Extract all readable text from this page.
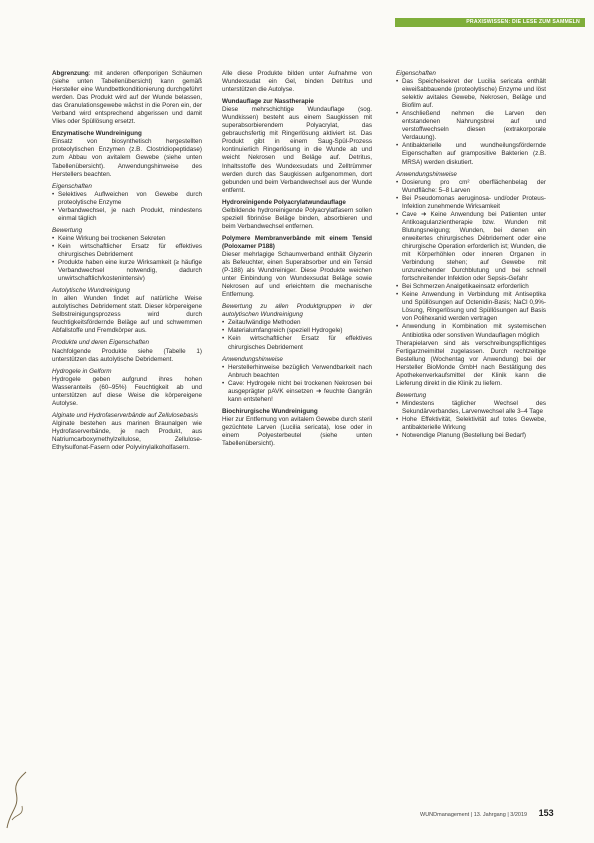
PRAXISWISSEN: DIE LESE ZUM SAMMELN

Abgrenzung: mit anderen offenporigen Schäumen (siehe unten Tabellenübersicht) kann gemäß Hersteller eine Wundbettkonditionierung durchgeführt werden. Das Produkt wird auf der Wunde belassen, das Granulationsgewebe wächst in die Poren ein, der Verband wird entsprechend abgerissen und damit Vlies oder Spüllösung ersetzt.

Enzymatische Wundreinigung

Einsatz von biosynthetisch hergestellten proteolytischen Enzymen (z.B. Clostridiopeptidase) zum Abbau von avitalem Gewebe (siehe unten Tabellenübersicht). Anwendungshinweise des Herstellers beachten.

Eigenschaften
• Selektives Auflweichen von Gewebe durch proteolytische Enzyme
• Verbandwechsel, je nach Produkt, mindestens einmal täglich
Bewertung
• Keine Wirkung bei trockenen Sekreten
• Kein wirtschaftlicher Ersatz für effektives chirurgisches Debridement
• Produkte haben eine kurze Wirksamkeit (≥ häufige Verbandwechsel notwendig, dadurch unwirtschaftlich/kostenintensiv)
Autolytische Wundreinigung

In allen Wunden findet auf natürliche Weise autolytisches Debridement statt. Dieser körpereigene Selbstreinigungsprozess wird durch feuchtigkeitsfördernde Beläge auf und schwemmen Abfallstoffe und Fremdkörper aus.

Produkte und deren Eigenschaften

Nachfolgende Produkte siehe (Tabelle 1) unterstützen das autolytische Debridement.

Hydrogele in Gelform

Hydrogele geben aufgrund ihres hohen Wasseranteils (60–95%) Feuchtigkeit ab und unterstützen auf diese Weise die körpereigene Autolyse.

Alginate und Hydrofaserverbände auf Zellulosebasis

Alginate bestehen aus marinen Braunalgen wie Hydrofaserverbände, je nach Produkt, aus Natriumcarboxymethylzellulose, Zellulose-Ethylsulfonat-Fasern oder Polyvinylalkoholfasern.

Alle diese Produkte bilden unter Aufnahme von Wundexsudat ein Gel, binden Detritus und unterstützen die Autolyse.

Wundauflage zur Nasstherapie

Diese mehrschichtige Wundauflage (sog. Wundkissen) besteht aus einem Saugkissen mit superabsorbierendem Polyacrylat, das gebrauchsfertig mit Ringerlösung aktiviert ist. Das Produkt gibt in einem Saug-Spül-Prozess kontinuierlich Ringerlösung in die Wunde ab und weicht Nekrosen und Beläge auf. Detritus, Inhaltsstoffe des Wundexsudats und Zelltrümmer werden durch das Saugkissen aufgenommen, dort gebunden und beim Verbandwechsel aus der Wunde entfernt.

Hydroreinigende Polyacrylatwundauflage

Gelbildende hydroreinigende Polyacrylatfasern sollen speziell fibrinöse Beläge binden, absorbieren und beim Verbandwechsel entfernen.

Polymere Membranverbände mit einem Tensid (Poloxamer P188)

Dieser mehrlagige Schaumverband enthält Glyzerin als Befeuchter, einen Superabsorber und ein Tensid (P-188) als Wundreiniger. Diese Produkte weichen unter Einbindung von Wundexsudat Beläge sowie Nekrosen auf und erleichtern die mechanische Entfernung.

Bewertung zu allen Produktgruppen in der autolytischen Wundreinigung
• Zeitaufwändige Methoden
• Materialumfangreich (speziell Hydrogele)
• Kein wirtschaftlicher Ersatz für effektives chirurgisches Debridement
Anwendungshinweise
• Herstellerhinweise bezüglich Verwendbarkeit nach Anbruch beachten
• Cave: Hydrogele nicht bei trockenen Nekrosen bei ausgeprägter pAVK einsetzen ➜ feuchte Gangrän kann entstehen!
Biochirurgische Wundreinigung

Hier zur Entfernung von avitalem Gewebe durch steril gezüchtete Larven (Lucilia sericata), lose oder in einem Polyesterbeutel (siehe unten Tabellenübersicht).

Eigenschaften
• Das Speichelsekret der Lucilia sericata enthält eiweißabbauende (proteolytische) Enzyme und löst selektiv avitales Gewebe, Nekrosen, Beläge und Biofilm auf.
• Anschließend nehmen die Larven den entstandenen Nahrungsbrei auf und verstoffwechseln diesen (extrakorporale Verdauung).
• Antibakterielle und wundheilungsfördernde Eigenschaften auf grampositive Bakterien (z.B. MRSA) werden diskutiert.
Anwendungshinweise
• Dosierung pro cm² oberflächenbelag der Wundfläche: 5–8 Larven
• Bei Pseudomonas aeruginosa- und/oder Proteus-Infektion zunehmende Wirksamkeit
• Cave ➜ Keine Anwendung bei Patienten unter Antikoagulanzientherapie bzw. Wunden mit Blutungsneigung; Wunden, bei denen ein erweitertes chirurgisches Débridement oder eine chirurgische Operation erforderlich ist; Wunden, die mit Körperhöhlen oder inneren Organen in Verbindung stehen; auf Gewebe mit unzureichender Durchblutung und bei schnell fortschreitender Infektion oder Sepsis-Gefahr
• Bei Schmerzen Analgetikaeinsatz erforderlich
• Keine Anwendung in Verbindung mit Antiseptika und Spüllösungen auf Octenidin-Basis; NaCl 0,9%-Lösung, Ringerlösung und Spüllösungen auf Basis von Polihexanid werden vertragen
• Anwendung in Kombination mit systemischen Antibiotika oder sonstiven Wundauflagen möglich

Therapielarven sind als verschreibungspflichtiges Fertigarzneimittel zugelassen. Durch rechtzeitige Bestellung (Wochentag vor Anwendung) bei der Hersteller BioMonde GmbH nach Bestätigung des Apothekenverkaufsmittel der Klinik kann die Lieferung direkt in die Klinik zu liefern.

Bewertung
• Mindestens täglicher Wechsel des Sekundärverbandes, Larvenwechsel alle 3–4 Tage
• Hohe Effektivität, Selektivität auf totes Gewebe, antibakterielle Wirkung
• Notwendige Planung (Bestellung bei Bedarf)
WUNDmanagement | 13. Jahrgang | 3/2019 153
